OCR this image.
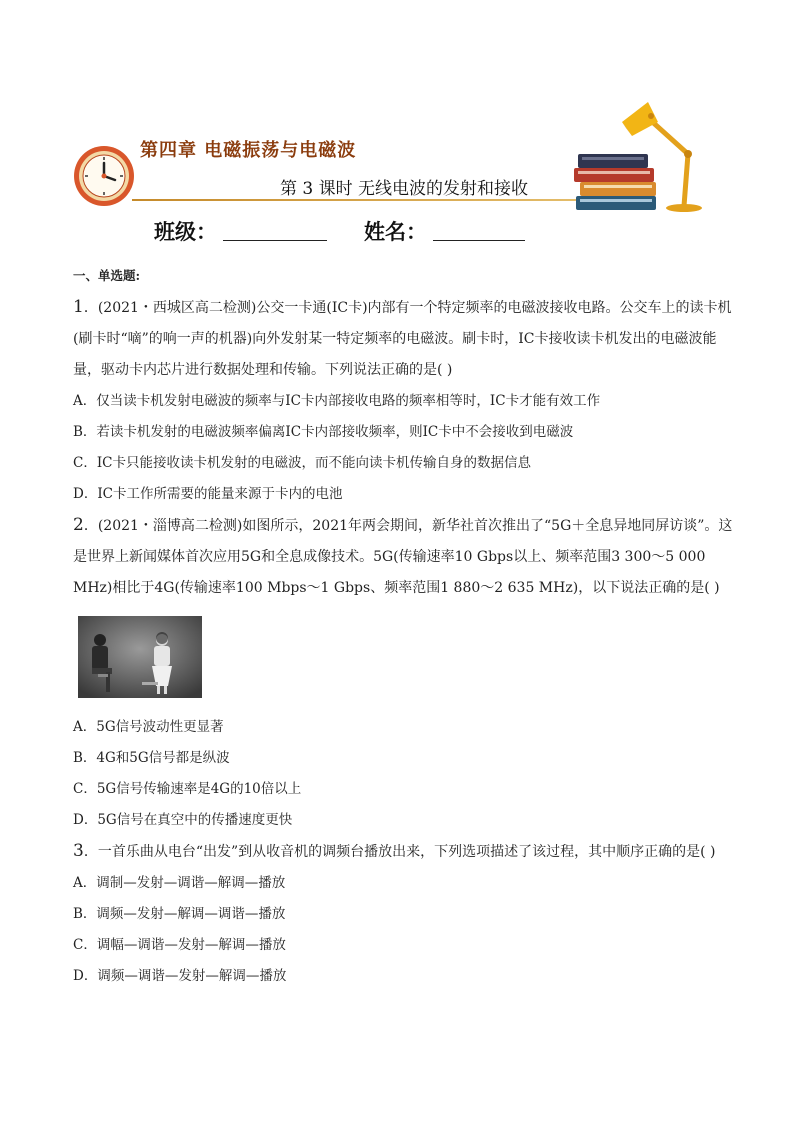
第四章 电磁振荡与电磁波
第 3 课时 无线电波的发射和接收
班级：	姓名：

一、单选题:

1．(2021・西城区高二检测)公交一卡通(IC卡)内部有一个特定频率的电磁波接收电路。公交车上的读卡机(刷卡时“嘀”的响一声的机器)向外发射某一特定频率的电磁波。刷卡时，IC卡接收读卡机发出的电磁波能量，驱动卡内芯片进行数据处理和传输。下列说法正确的是( )

A．仅当读卡机发射电磁波的频率与IC卡内部接收电路的频率相等时，IC卡才能有效工作

B．若读卡机发射的电磁波频率偏离IC卡内部接收频率，则IC卡中不会接收到电磁波

C．IC卡只能接收读卡机发射的电磁波，而不能向读卡机传输自身的数据信息

D．IC卡工作所需要的能量来源于卡内的电池

2．(2021・淄博高二检测)如图所示，2021年两会期间，新华社首次推出了“5G＋全息异地同屏访谈”。这是世界上新闻媒体首次应用5G和全息成像技术。5G(传输速率10 Gbps以上、频率范围3 300～5 000 MHz)相比于4G(传输速率100 Mbps～1 Gbps、频率范围1 880～2 635 MHz)，以下说法正确的是( )

A．5G信号波动性更显著

B．4G和5G信号都是纵波

C．5G信号传输速率是4G的10倍以上

D．5G信号在真空中的传播速度更快

3．一首乐曲从电台“出发”到从收音机的调频台播放出来，下列选项描述了该过程，其中顺序正确的是( )

A．调制—发射—调谐—解调—播放

B．调频—发射—解调—调谐—播放

C．调幅—调谐—发射—解调—播放

D．调频—调谐—发射—解调—播放
